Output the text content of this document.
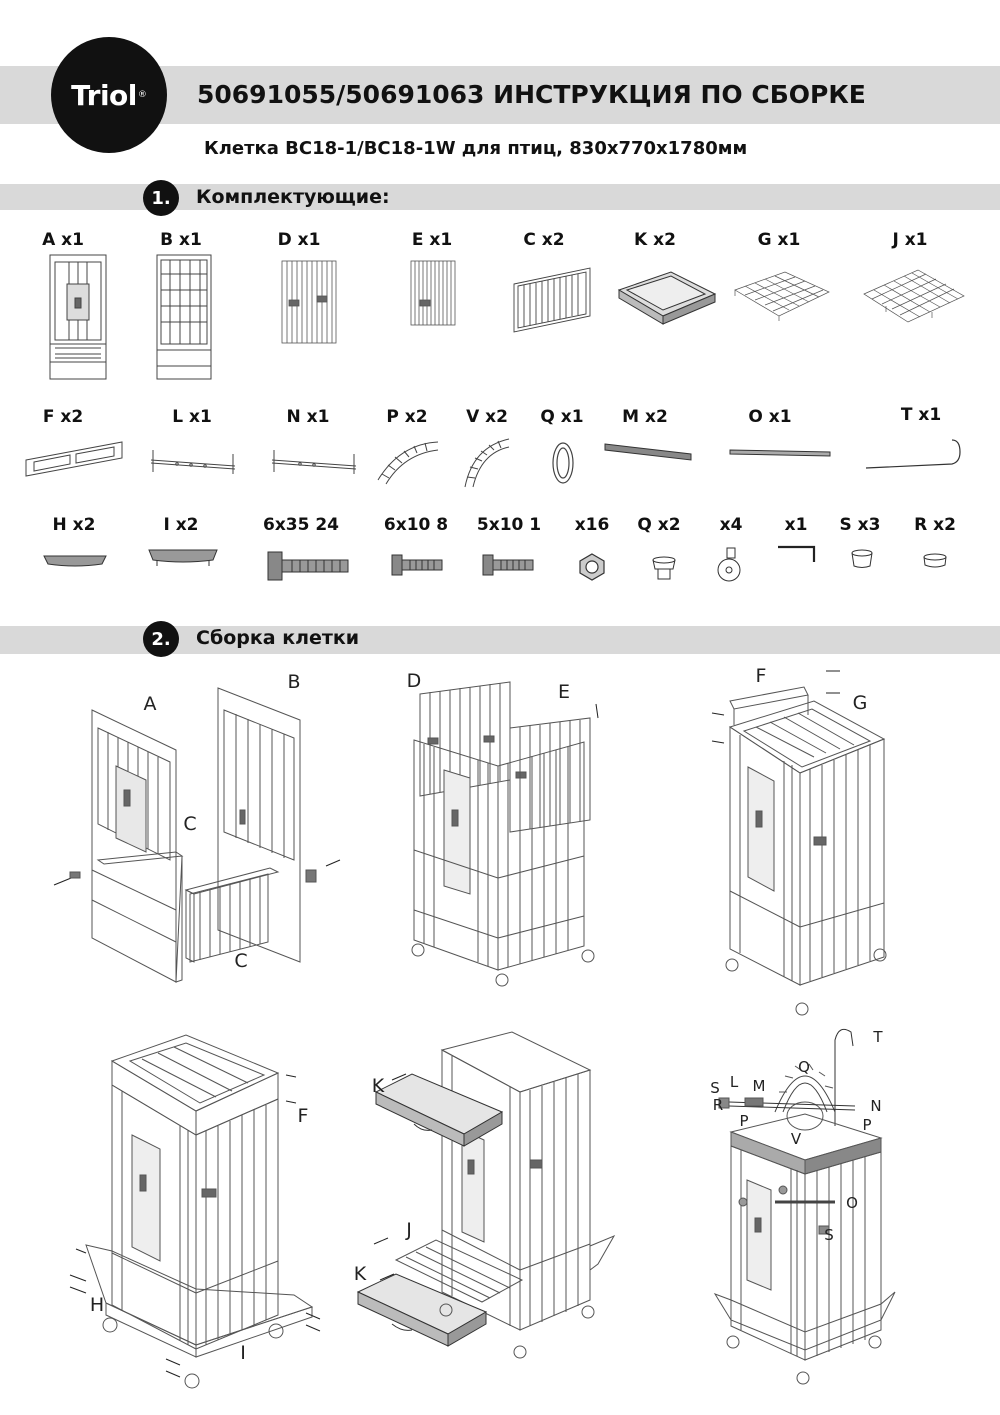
Triol ® 50691055/50691063 ИНСТРУКЦИЯ ПО СБОРКЕ
Клетка BC18-1/BC18-1W для птиц, 830x770x1780мм
1.	Комплектующие:
A x1	B x1	D x1	E x1	C x2	K x2	G x1	J x1
F x2	L x1	N x1	P x2 V x2 Q x1 M x2	O x1	T x1
H x2	I x2	6x35 24	6x10 8 5x10 1 x16 Q x2 x4 x1 S x3 R x2
2.	Сборка клетки
A
B
C
C
D	E
F
G
F
H
I
K
J
K
T
Q
S L M
R	N
P	P
V
O
S
